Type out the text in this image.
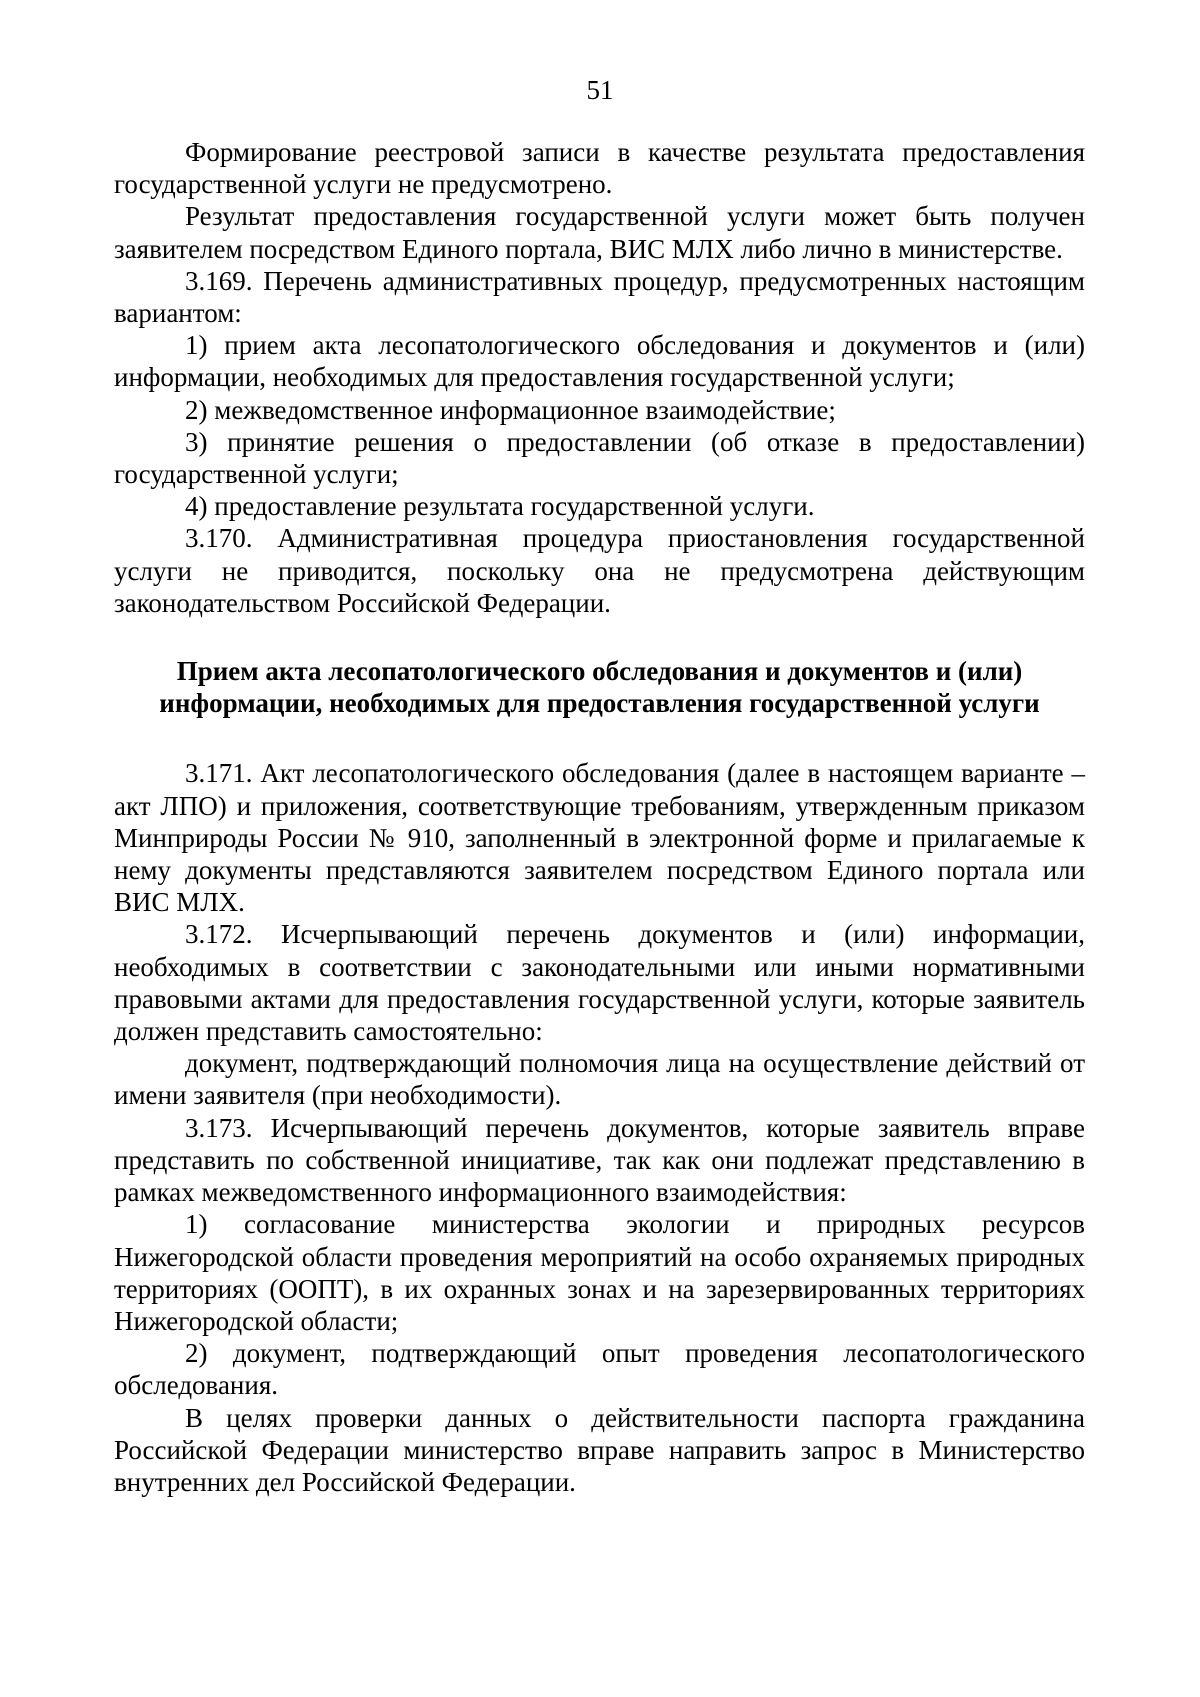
51

Формирование реестровой записи в качестве результата предоставления государственной услуги не предусмотрено.

Результат предоставления государственной услуги может быть получен заявителем посредством Единого портала, ВИС МЛХ либо лично в министерстве.

3.169. Перечень административных процедур, предусмотренных настоящим вариантом:

1) прием акта лесопатологического обследования и документов и (или) информации, необходимых для предоставления государственной услуги;

2) межведомственное информационное взаимодействие;

3) принятие решения о предоставлении (об отказе в предоставлении) государственной услуги;

4) предоставление результата государственной услуги.

3.170. Административная процедура приостановления государственной услуги не приводится, поскольку она не предусмотрена действующим законодательством Российской Федерации.

Прием акта лесопатологического обследования и документов и (или)
информации, необходимых для предоставления государственной услуги

3.171. Акт лесопатологического обследования (далее в настоящем варианте – акт ЛПО) и приложения, соответствующие требованиям, утвержденным приказом Минприроды России № 910, заполненный в электронной форме и прилагаемые к нему документы представляются заявителем посредством Единого портала или ВИС МЛХ.

3.172. Исчерпывающий перечень документов и (или) информации, необходимых в соответствии с законодательными или иными нормативными правовыми актами для предоставления государственной услуги, которые заявитель должен представить самостоятельно:

документ, подтверждающий полномочия лица на осуществление действий от имени заявителя (при необходимости).

3.173. Исчерпывающий перечень документов, которые заявитель вправе представить по собственной инициативе, так как они подлежат представлению в рамках межведомственного информационного взаимодействия:

1) согласование министерства экологии и природных ресурсов Нижегородской области проведения мероприятий на особо охраняемых природных территориях (ООПТ), в их охранных зонах и на зарезервированных территориях Нижегородской области;

2) документ, подтверждающий опыт проведения лесопатологического обследования.

В целях проверки данных о действительности паспорта гражданина Российской Федерации министерство вправе направить запрос в Министерство внутренних дел Российской Федерации.
